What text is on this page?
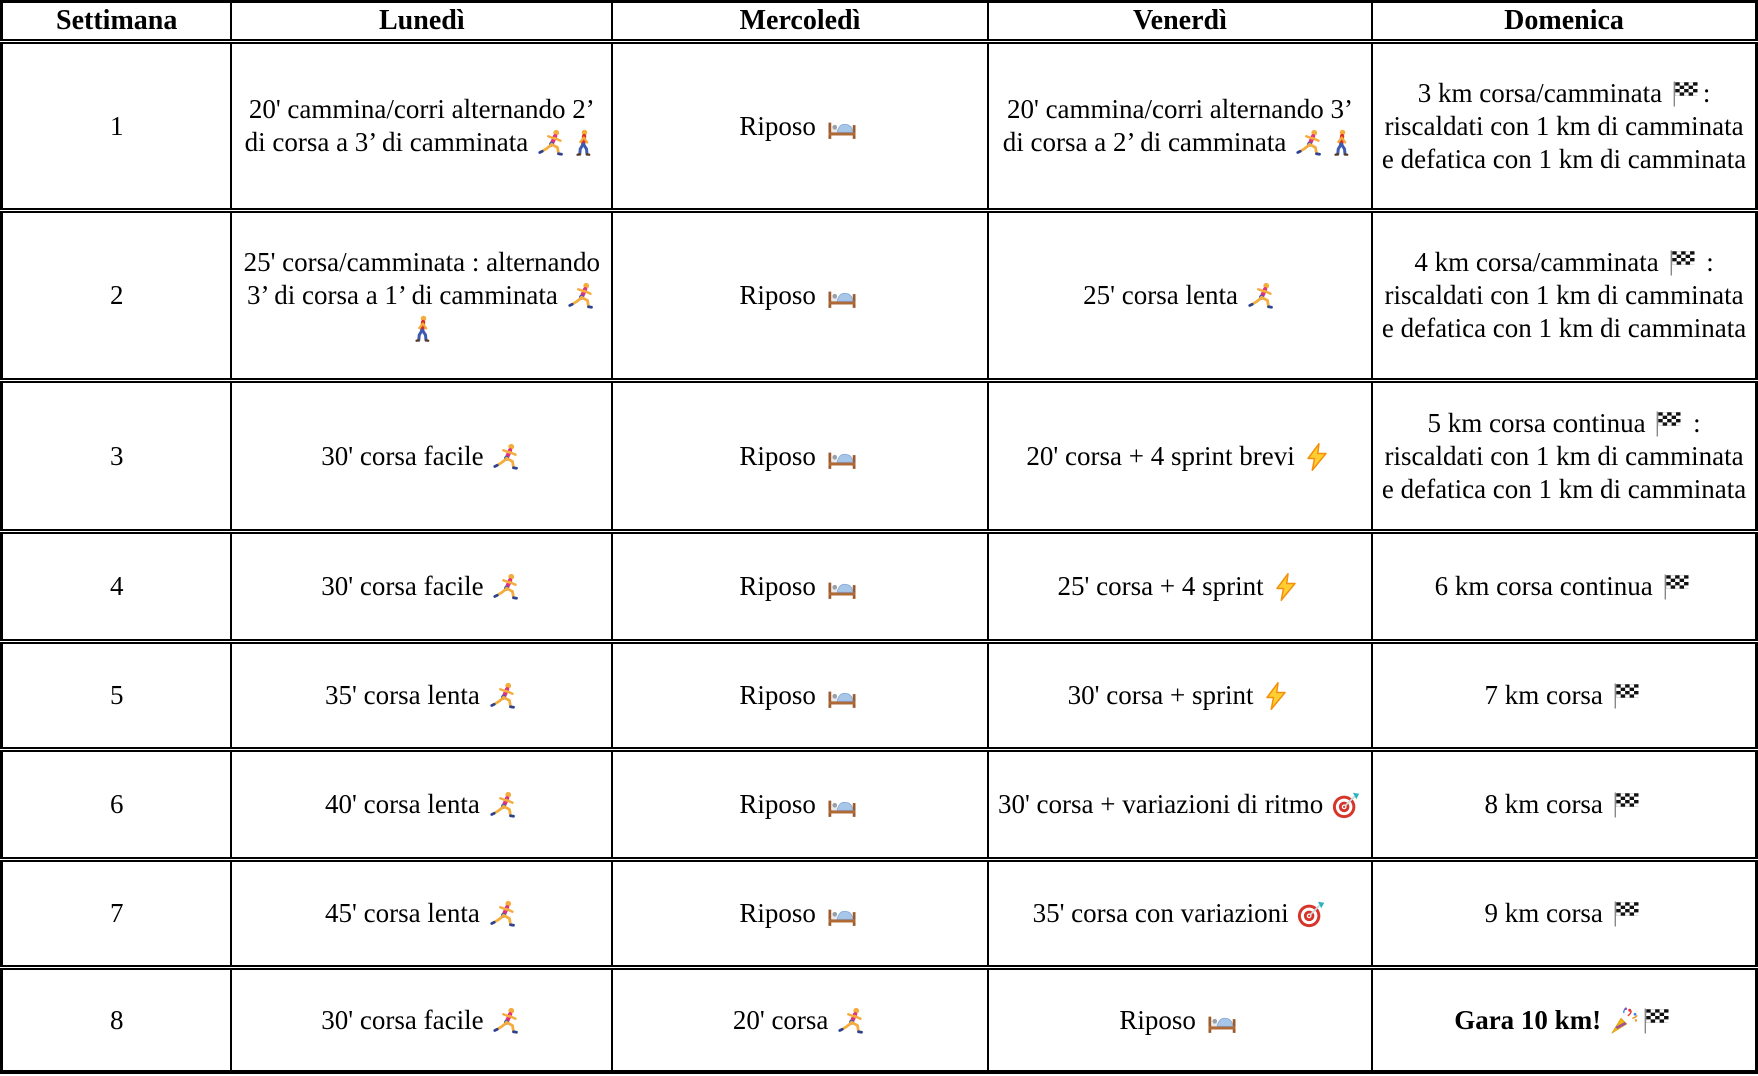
Settimana	Lunedì	Mercoledì	Venerdì	Domenica
1	20' cammina/corri alternando 2’ di corsa a 3’ di camminata	Riposo	20' cammina/corri alternando 3’ di corsa a 2’ di camminata	3 km corsa/camminata : riscaldati con 1 km di camminata e defatica con 1 km di camminata
2	25' corsa/camminata : alternando 3’ di corsa a 1’ di camminata	Riposo	25' corsa lenta	4 km corsa/camminata  : riscaldati con 1 km di camminata e defatica con 1 km di camminata
3	30' corsa facile	Riposo	20' corsa + 4 sprint brevi	5 km corsa continua  : riscaldati con 1 km di camminata e defatica con 1 km di camminata
4	30' corsa facile	Riposo	25' corsa + 4 sprint	6 km corsa continua
5	35' corsa lenta	Riposo	30' corsa + sprint	7 km corsa
6	40' corsa lenta	Riposo	30' corsa + variazioni di ritmo	8 km corsa
7	45' corsa lenta	Riposo	35' corsa con variazioni	9 km corsa
8	30' corsa facile	20' corsa	Riposo	Gara 10 km!
